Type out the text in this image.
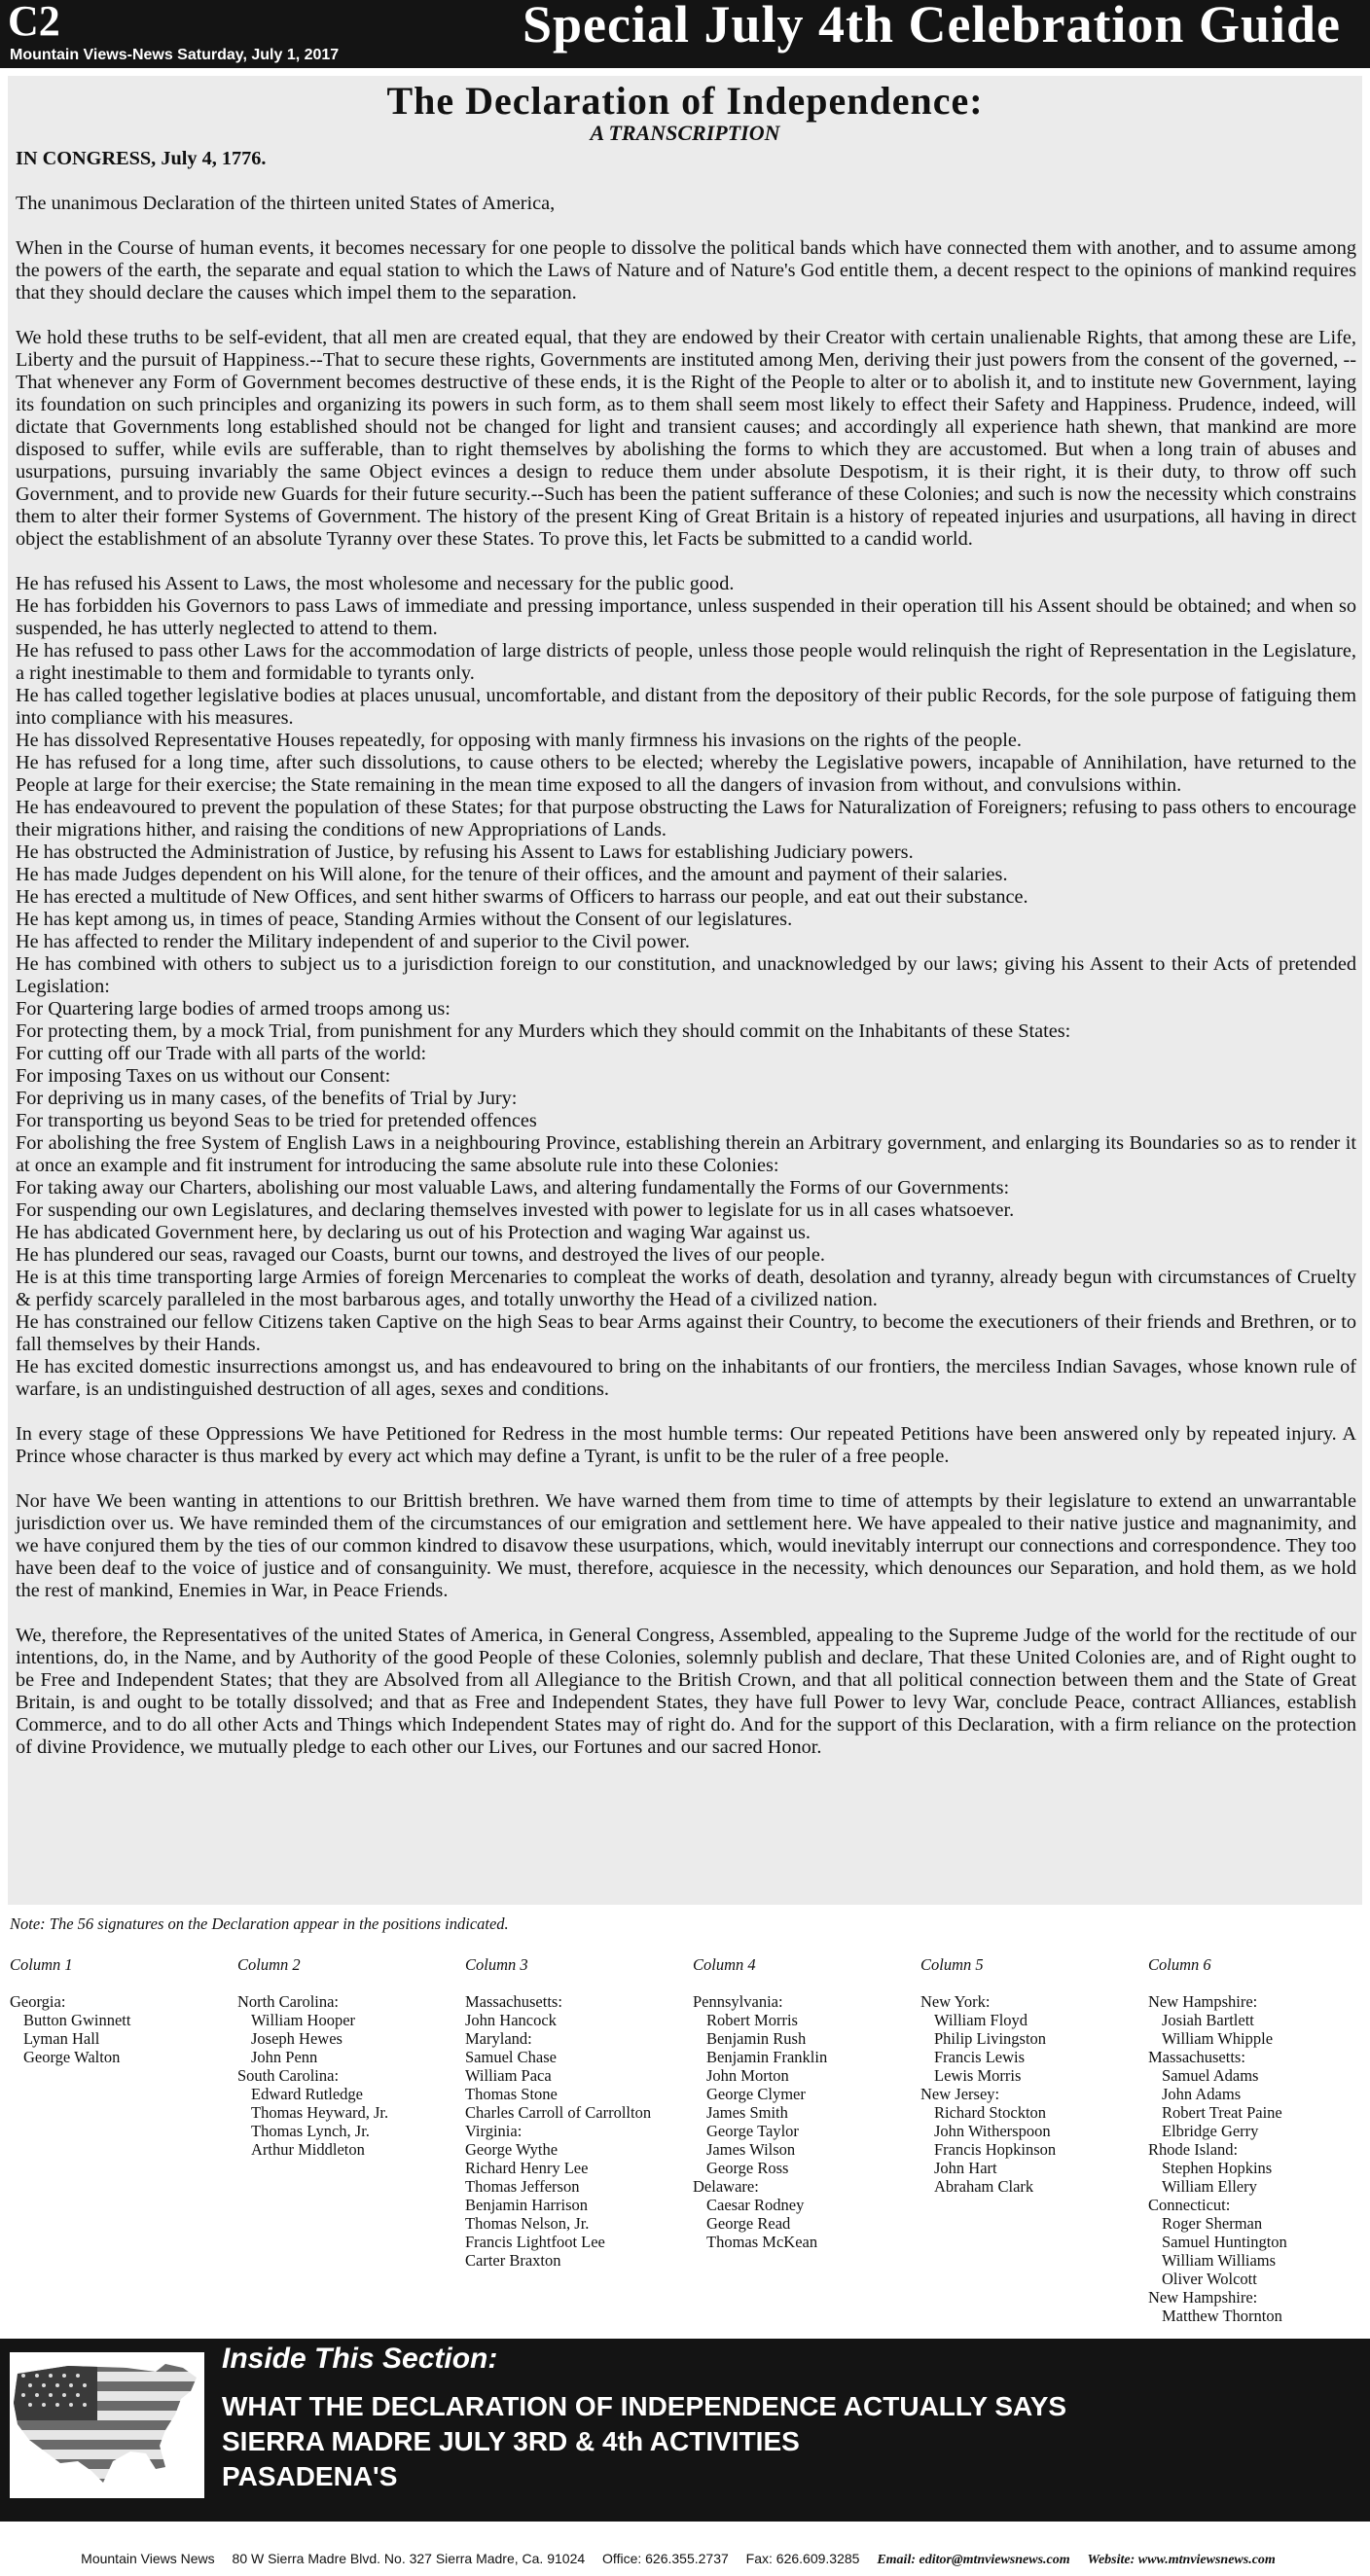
C2
Mountain Views-News Saturday, July 1, 2017
Special July 4th Celebration Guide
The Declaration of Independence:
A TRANSCRIPTION

IN CONGRESS, July 4, 1776.

The unanimous Declaration of the thirteen united States of America,

When in the Course of human events, it becomes necessary for one people to dissolve the political bands which have connected them with another, and to assume among the powers of the earth, the separate and equal station to which the Laws of Nature and of Nature's God entitle them, a decent respect to the opinions of mankind requires that they should declare the causes which impel them to the separation.

We hold these truths to be self-evident, that all men are created equal, that they are endowed by their Creator with certain unalienable Rights, that among these are Life, Liberty and the pursuit of Happiness.--That to secure these rights, Governments are instituted among Men, deriving their just powers from the consent of the governed, --That whenever any Form of Government becomes destructive of these ends, it is the Right of the People to alter or to abolish it, and to institute new Government, laying its foundation on such principles and organizing its powers in such form, as to them shall seem most likely to effect their Safety and Happiness. Prudence, indeed, will dictate that Governments long established should not be changed for light and transient causes; and accordingly all experience hath shewn, that mankind are more disposed to suffer, while evils are sufferable, than to right themselves by abolishing the forms to which they are accustomed. But when a long train of abuses and usurpations, pursuing invariably the same Object evinces a design to reduce them under absolute Despotism, it is their right, it is their duty, to throw off such Government, and to provide new Guards for their future security.--Such has been the patient sufferance of these Colonies; and such is now the necessity which constrains them to alter their former Systems of Government. The history of the present King of Great Britain is a history of repeated injuries and usurpations, all having in direct object the establishment of an absolute Tyranny over these States. To prove this, let Facts be submitted to a candid world.

He has refused his Assent to Laws, the most wholesome and necessary for the public good.
He has forbidden his Governors to pass Laws of immediate and pressing importance, unless suspended in their operation till his Assent should be obtained; and when so suspended, he has utterly neglected to attend to them.
He has refused to pass other Laws for the accommodation of large districts of people, unless those people would relinquish the right of Representation in the Legislature, a right inestimable to them and formidable to tyrants only.
He has called together legislative bodies at places unusual, uncomfortable, and distant from the depository of their public Records, for the sole purpose of fatiguing them into compliance with his measures.
He has dissolved Representative Houses repeatedly, for opposing with manly firmness his invasions on the rights of the people.
He has refused for a long time, after such dissolutions, to cause others to be elected; whereby the Legislative powers, incapable of Annihilation, have returned to the People at large for their exercise; the State remaining in the mean time exposed to all the dangers of invasion from without, and convulsions within.
He has endeavoured to prevent the population of these States; for that purpose obstructing the Laws for Naturalization of Foreigners; refusing to pass others to encourage their migrations hither, and raising the conditions of new Appropriations of Lands.
He has obstructed the Administration of Justice, by refusing his Assent to Laws for establishing Judiciary powers.
He has made Judges dependent on his Will alone, for the tenure of their offices, and the amount and payment of their salaries.
He has erected a multitude of New Offices, and sent hither swarms of Officers to harrass our people, and eat out their substance.
He has kept among us, in times of peace, Standing Armies without the Consent of our legislatures.
He has affected to render the Military independent of and superior to the Civil power.
He has combined with others to subject us to a jurisdiction foreign to our constitution, and unacknowledged by our laws; giving his Assent to their Acts of pretended Legislation:
For Quartering large bodies of armed troops among us:
For protecting them, by a mock Trial, from punishment for any Murders which they should commit on the Inhabitants of these States:
For cutting off our Trade with all parts of the world:
For imposing Taxes on us without our Consent:
For depriving us in many cases, of the benefits of Trial by Jury:
For transporting us beyond Seas to be tried for pretended offences
For abolishing the free System of English Laws in a neighbouring Province, establishing therein an Arbitrary government, and enlarging its Boundaries so as to render it at once an example and fit instrument for introducing the same absolute rule into these Colonies:
For taking away our Charters, abolishing our most valuable Laws, and altering fundamentally the Forms of our Governments:
For suspending our own Legislatures, and declaring themselves invested with power to legislate for us in all cases whatsoever.
He has abdicated Government here, by declaring us out of his Protection and waging War against us.
He has plundered our seas, ravaged our Coasts, burnt our towns, and destroyed the lives of our people.
He is at this time transporting large Armies of foreign Mercenaries to compleat the works of death, desolation and tyranny, already begun with circumstances of Cruelty & perfidy scarcely paralleled in the most barbarous ages, and totally unworthy the Head of a civilized nation.
He has constrained our fellow Citizens taken Captive on the high Seas to bear Arms against their Country, to become the executioners of their friends and Brethren, or to fall themselves by their Hands.
He has excited domestic insurrections amongst us, and has endeavoured to bring on the inhabitants of our frontiers, the merciless Indian Savages, whose known rule of warfare, is an undistinguished destruction of all ages, sexes and conditions.

In every stage of these Oppressions We have Petitioned for Redress in the most humble terms: Our repeated Petitions have been answered only by repeated injury. A Prince whose character is thus marked by every act which may define a Tyrant, is unfit to be the ruler of a free people.

Nor have We been wanting in attentions to our Brittish brethren. We have warned them from time to time of attempts by their legislature to extend an unwarrantable jurisdiction over us. We have reminded them of the circumstances of our emigration and settlement here. We have appealed to their native justice and magnanimity, and we have conjured them by the ties of our common kindred to disavow these usurpations, which, would inevitably interrupt our connections and correspondence. They too have been deaf to the voice of justice and of consanguinity. We must, therefore, acquiesce in the necessity, which denounces our Separation, and hold them, as we hold the rest of mankind, Enemies in War, in Peace Friends.

We, therefore, the Representatives of the united States of America, in General Congress, Assembled, appealing to the Supreme Judge of the world for the rectitude of our intentions, do, in the Name, and by Authority of the good People of these Colonies, solemnly publish and declare, That these United Colonies are, and of Right ought to be Free and Independent States; that they are Absolved from all Allegiance to the British Crown, and that all political connection between them and the State of Great Britain, is and ought to be totally dissolved; and that as Free and Independent States, they have full Power to levy War, conclude Peace, contract Alliances, establish Commerce, and to do all other Acts and Things which Independent States may of right do. And for the support of this Declaration, with a firm reliance on the protection of divine Providence, we mutually pledge to each other our Lives, our Fortunes and our sacred Honor.

Note: The 56 signatures on the Declaration appear in the positions indicated.
Column 1
Georgia:
Button Gwinnett
Lyman Hall
George Walton
Column 2
North Carolina:
William Hooper
Joseph Hewes
John Penn
South Carolina:
Edward Rutledge
Thomas Heyward, Jr.
Thomas Lynch, Jr.
Arthur Middleton
Column 3
Massachusetts:
John Hancock
Maryland:
Samuel Chase
William Paca
Thomas Stone
Charles Carroll of Carrollton
Virginia:
George Wythe
Richard Henry Lee
Thomas Jefferson
Benjamin Harrison
Thomas Nelson, Jr.
Francis Lightfoot Lee
Carter Braxton
Column 4
Pennsylvania:
Robert Morris
Benjamin Rush
Benjamin Franklin
John Morton
George Clymer
James Smith
George Taylor
James Wilson
George Ross
Delaware:
Caesar Rodney
George Read
Thomas McKean
Column 5
New York:
William Floyd
Philip Livingston
Francis Lewis
Lewis Morris
New Jersey:
Richard Stockton
John Witherspoon
Francis Hopkinson
John Hart
Abraham Clark
Column 6
New Hampshire:
Josiah Bartlett
William Whipple
Massachusetts:
Samuel Adams
John Adams
Robert Treat Paine
Elbridge Gerry
Rhode Island:
Stephen Hopkins
William Ellery
Connecticut:
Roger Sherman
Samuel Huntington
William Williams
Oliver Wolcott
New Hampshire:
Matthew Thornton
Inside This Section:
WHAT THE DECLARATION OF INDEPENDENCE ACTUALLY SAYS
SIERRA MADRE JULY 3RD & 4th ACTIVITIES
PASADENA'S
Mountain Views News 80 W Sierra Madre Blvd. No. 327 Sierra Madre, Ca. 91024 Office: 626.355.2737 Fax: 626.609.3285 Email: editor@mtnviewsnews.com Website: www.mtnviewsnews.com
